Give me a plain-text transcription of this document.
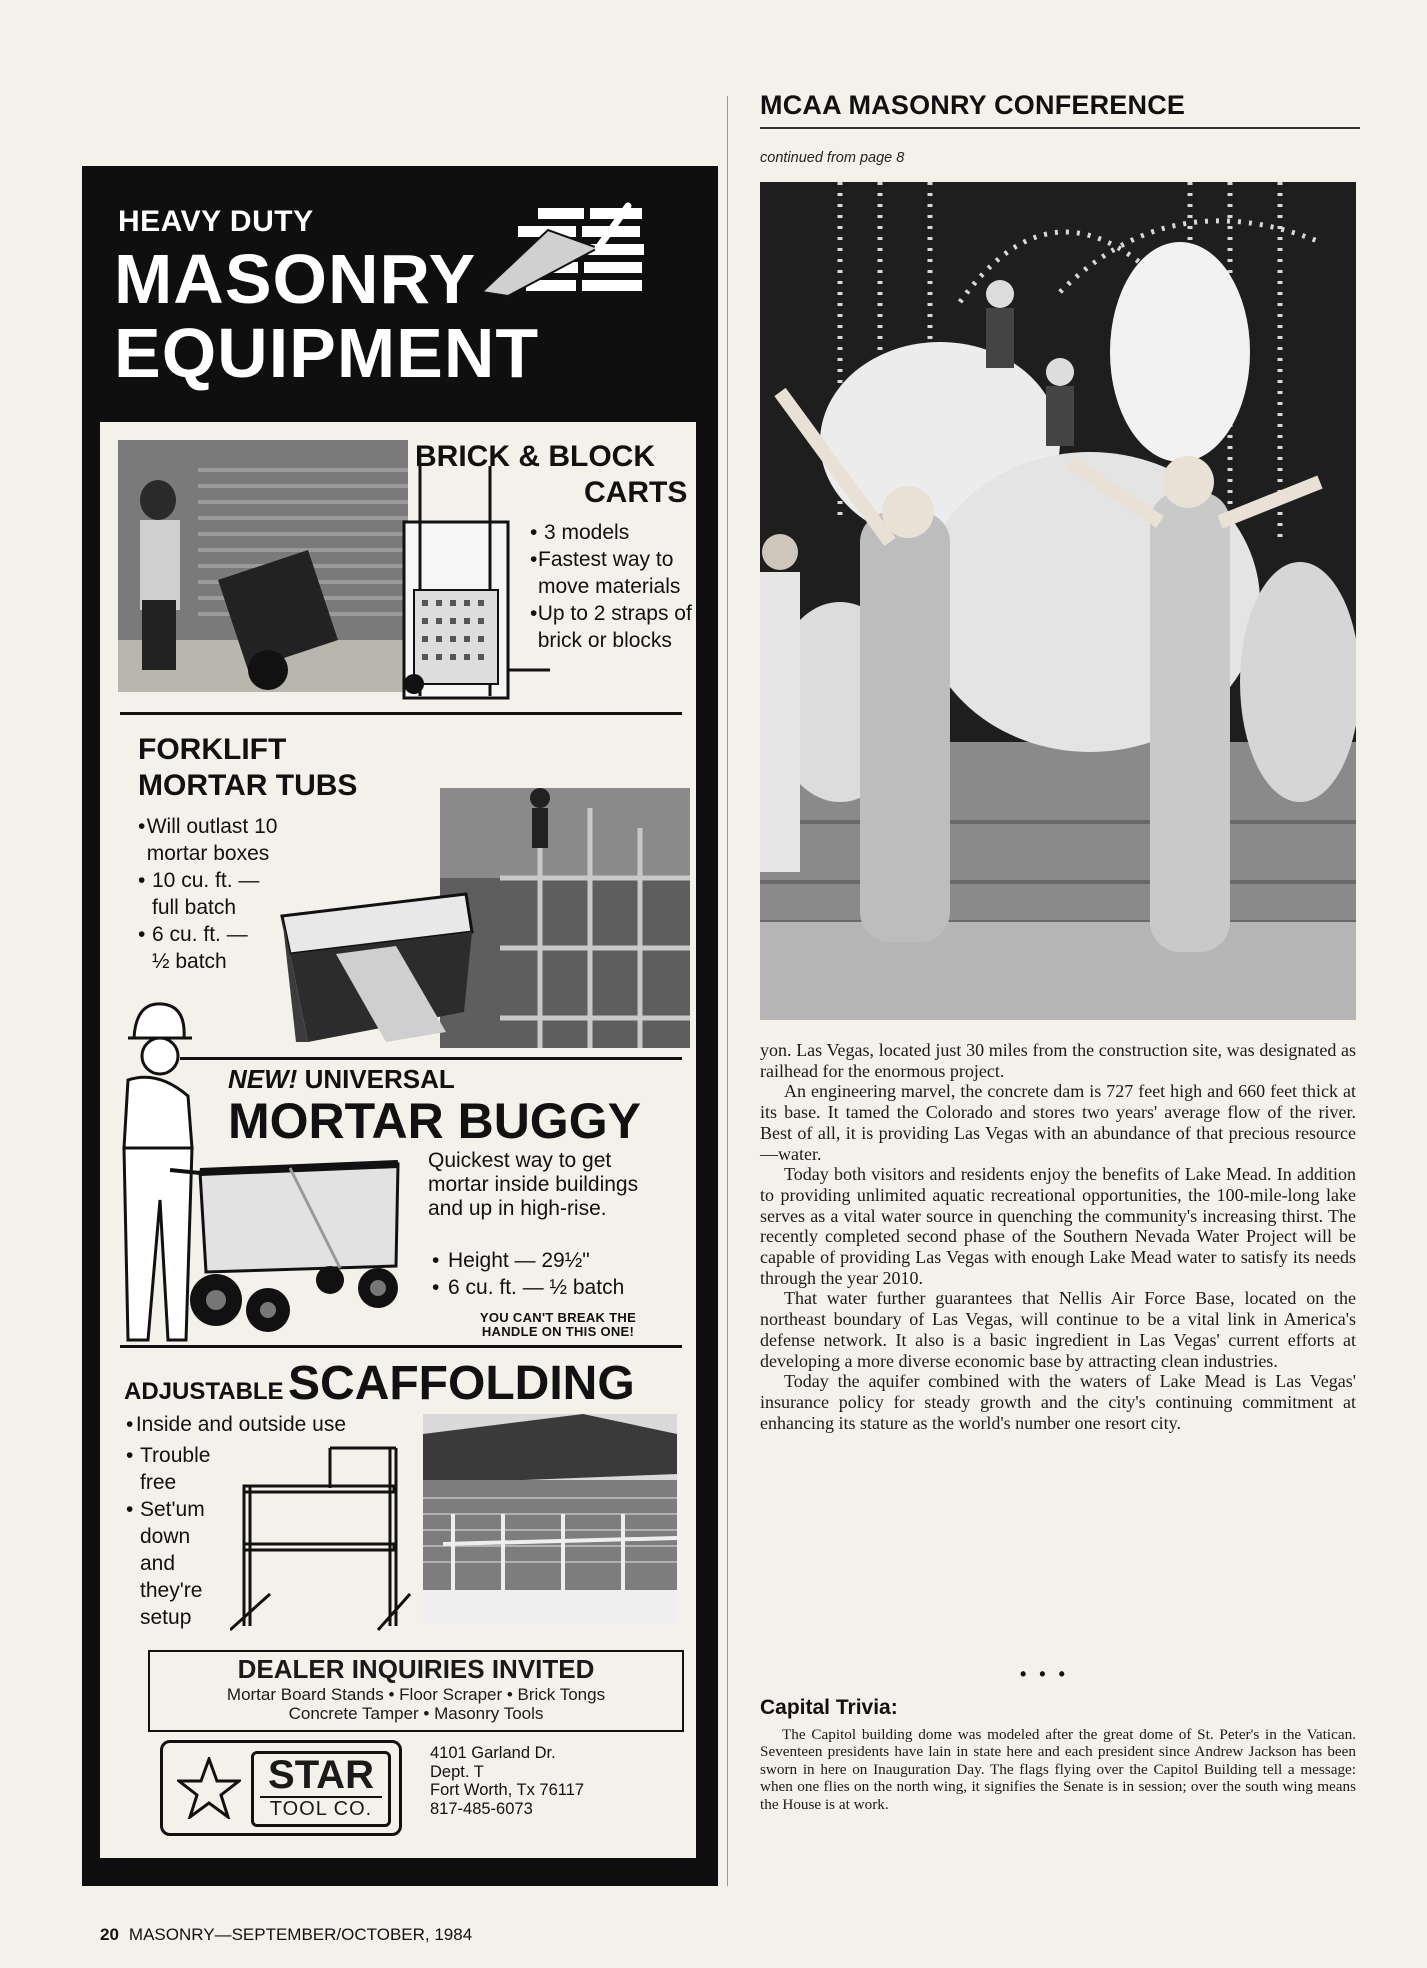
HEAVY DUTY
MASONRY
EQUIPMENT
BRICK & BLOCK
CARTS
• 3 models
• Fastest way to move materials
• Up to 2 straps of brick or blocks
FORKLIFT
MORTAR TUBS
• Will outlast 10 mortar boxes
• 10 cu. ft. — full batch
• 6 cu. ft. — ½ batch
NEW! UNIVERSAL
MORTAR BUGGY
Quickest way to get mortar inside buildings and up in high-rise.
• Height — 29½"
• 6 cu. ft. — ½ batch
YOU CAN'T BREAK THE
HANDLE ON THIS ONE!
ADJUSTABLE SCAFFOLDING
• Inside and outside use
• Trouble free
• Set'um down and they're setup
DEALER INQUIRIES INVITED
Mortar Board Stands • Floor Scraper • Brick Tongs
Concrete Tamper • Masonry Tools
STAR
TOOL CO.
4101 Garland Dr.
Dept. T
Fort Worth, Tx 76117
817-485-6073
MCAA MASONRY CONFERENCE
continued from page 8

yon. Las Vegas, located just 30 miles from the construction site, was designated as railhead for the enormous project.

An engineering marvel, the concrete dam is 727 feet high and 660 feet thick at its base. It tamed the Colorado and stores two years' average flow of the river. Best of all, it is providing Las Vegas with an abundance of that precious resource—water.

Today both visitors and residents enjoy the benefits of Lake Mead. In addition to providing unlimited aquatic recreational opportunities, the 100-mile-long lake serves as a vital water source in quenching the community's increasing thirst. The recently completed second phase of the Southern Nevada Water Project will be capable of providing Las Vegas with enough Lake Mead water to satisfy its needs through the year 2010.

That water further guarantees that Nellis Air Force Base, located on the northeast boundary of Las Vegas, will continue to be a vital link in America's defense network. It also is a basic ingredient in Las Vegas' current efforts at developing a more diverse economic base by attracting clean industries.

Today the aquifer combined with the waters of Lake Mead is Las Vegas' insurance policy for steady growth and the city's continuing commitment at enhancing its stature as the world's number one resort city.

• • •
Capital Trivia:

The Capitol building dome was modeled after the great dome of St. Peter's in the Vatican. Seventeen presidents have lain in state here and each president since Andrew Jackson has been sworn in here on Inauguration Day. The flags flying over the Capitol Building tell a message: when one flies on the north wing, it signifies the Senate is in session; over the south wing means the House is at work.

20 MASONRY—SEPTEMBER/OCTOBER, 1984
